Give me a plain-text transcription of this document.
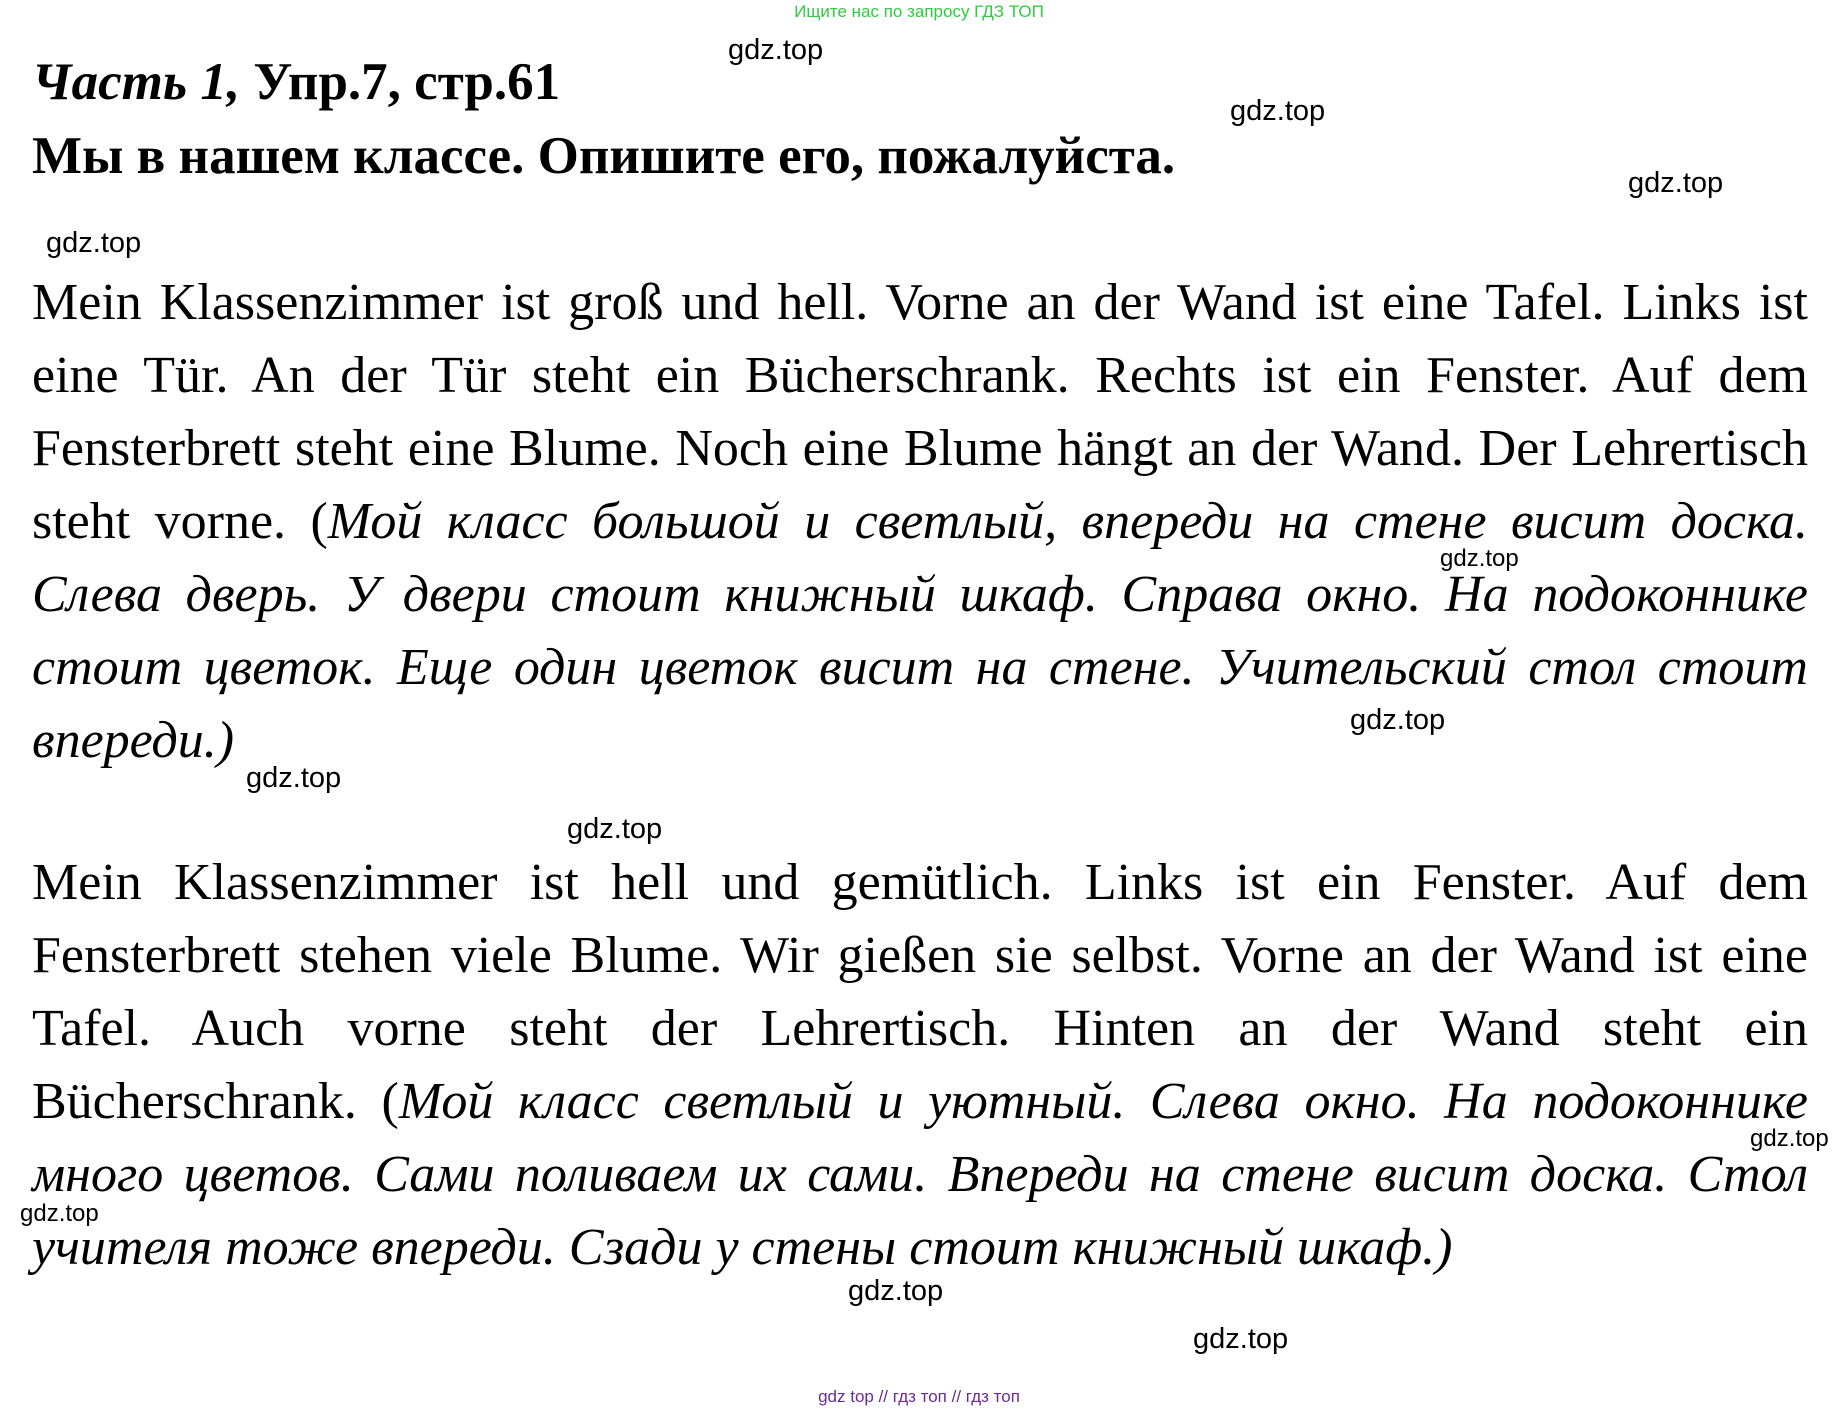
Ищите нас по запросу ГДЗ ТОП
Часть 1, Упр.7, стр.61
Мы в нашем классе. Опишите его, пожалуйста.
Mein Klassenzimmer ist groß und hell. Vorne an der Wand ist eine Tafel. Links ist eine Tür. An der Tür steht ein Bücherschrank. Rechts ist ein Fenster. Auf dem Fensterbrett steht eine Blume. Noch eine Blume hängt an der Wand. Der Lehrertisch steht vorne. (Мой класс большой и светлый, впереди на стене висит доска. Слева дверь. У двери стоит книжный шкаф. Справа окно. На подоконнике стоит цветок. Еще один цветок висит на стене. Учительский стол стоит впереди.)
Mein Klassenzimmer ist hell und gemütlich. Links ist ein Fenster. Auf dem Fensterbrett stehen viele Blume. Wir gießen sie selbst. Vorne an der Wand ist eine Tafel. Auch vorne steht der Lehrertisch. Hinten an der Wand steht ein Bücherschrank. (Мой класс светлый и уютный. Слева окно. На подоконнике много цветов. Сами поливаем их сами. Впереди на стене висит доска. Стол учителя тоже впереди. Сзади у стены стоит книжный шкаф.)
gdz.top
gdz.top
gdz.top
gdz.top
gdz.top
gdz.top
gdz.top
gdz.top
gdz.top
gdz.top
gdz.top
gdz.top
gdz top // гдз топ // гдз топ
